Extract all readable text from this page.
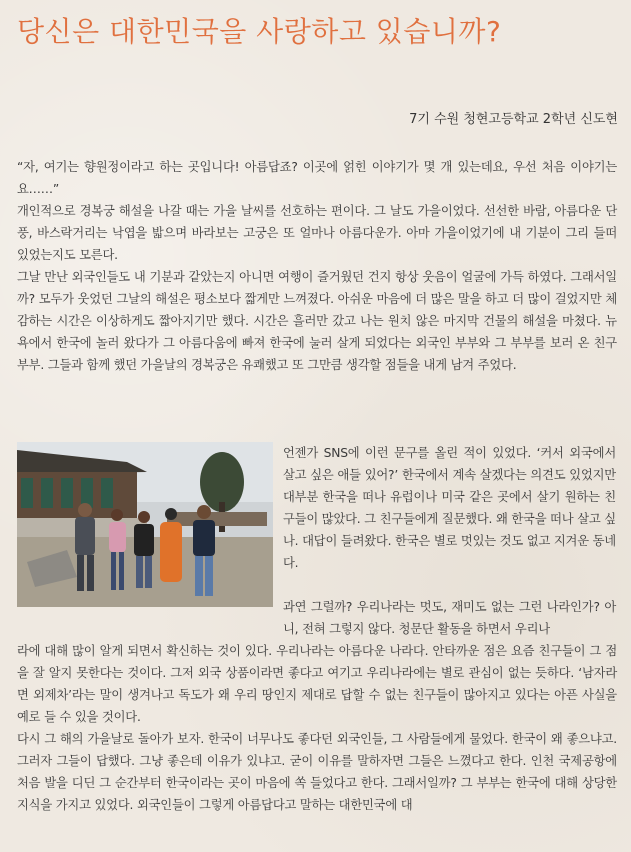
당신은 대한민국을 사랑하고 있습니까?
7기 수원 청현고등학교 2학년 신도현

“자, 여기는 향원정이라고 하는 곳입니다! 아름답죠? 이곳에 얽힌 이야기가 몇 개 있는데요, 우선 처음 이야기는요……”

개인적으로 경복궁 해설을 나갈 때는 가을 날씨를 선호하는 편이다. 그 날도 가을이었다. 선선한 바람, 아름다운 단풍, 바스락거리는 낙엽을 밟으며 바라보는 고궁은 또 얼마나 아름다운가. 아마 가을이었기에 내 기분이 그리 들떠 있었는지도 모른다.

그날 만난 외국인들도 내 기분과 같았는지 아니면 여행이 즐거웠던 건지 항상 웃음이 얼굴에 가득 하였다. 그래서일까? 모두가 웃었던 그날의 해설은 평소보다 짧게만 느껴졌다. 아쉬운 마음에 더 많은 말을 하고 더 많이 걸었지만 체감하는 시간은 이상하게도 짧아지기만 했다. 시간은 흘러만 갔고 나는 원치 않은 마지막 건물의 해설을 마쳤다. 뉴욕에서 한국에 놀러 왔다가 그 아름다움에 빠져 한국에 눌러 살게 되었다는 외국인 부부와 그 부부를 보러 온 친구 부부. 그들과 함께 했던 가을날의 경복궁은 유쾌했고 또 그만큼 생각할 점들을 내게 남겨 주었다.

언젠가 SNS에 이런 문구를 올린 적이 있었다. ‘커서 외국에서 살고 싶은 애들 있어?’ 한국에서 계속 살겠다는 의견도 있었지만 대부분 한국을 떠나 유럽이나 미국 같은 곳에서 살기 원하는 친구들이 많았다. 그 친구들에게 질문했다. 왜 한국을 떠나 살고 싶나. 대답이 들려왔다. 한국은 별로 멋있는 것도 없고 지겨운 동네다.

과연 그럴까? 우리나라는 멋도, 재미도 없는 그런 나라인가? 아니, 전혀 그렇지 않다. 청문단 활동을 하면서 우리나

라에 대해 많이 알게 되면서 확신하는 것이 있다. 우리나라는 아름다운 나라다. 안타까운 점은 요즘 친구들이 그 점을 잘 알지 못한다는 것이다. 그저 외국 상품이라면 좋다고 여기고 우리나라에는 별로 관심이 없는 듯하다. ‘남자라면 외제차’라는 말이 생겨나고 독도가 왜 우리 땅인지 제대로 답할 수 없는 친구들이 많아지고 있다는 아픈 사실을 예로 들 수 있을 것이다.

다시 그 해의 가을날로 돌아가 보자. 한국이 너무나도 좋다던 외국인들, 그 사람들에게 물었다. 한국이 왜 좋으냐고. 그러자 그들이 답했다. 그냥 좋은데 이유가 있냐고. 굳이 이유를 말하자면 그들은 느꼈다고 한다. 인천 국제공항에 처음 발을 디딘 그 순간부터 한국이라는 곳이 마음에 쏙 들었다고 한다. 그래서일까? 그 부부는 한국에 대해 상당한 지식을 가지고 있었다. 외국인들이 그렇게 아름답다고 말하는 대한민국에 대
